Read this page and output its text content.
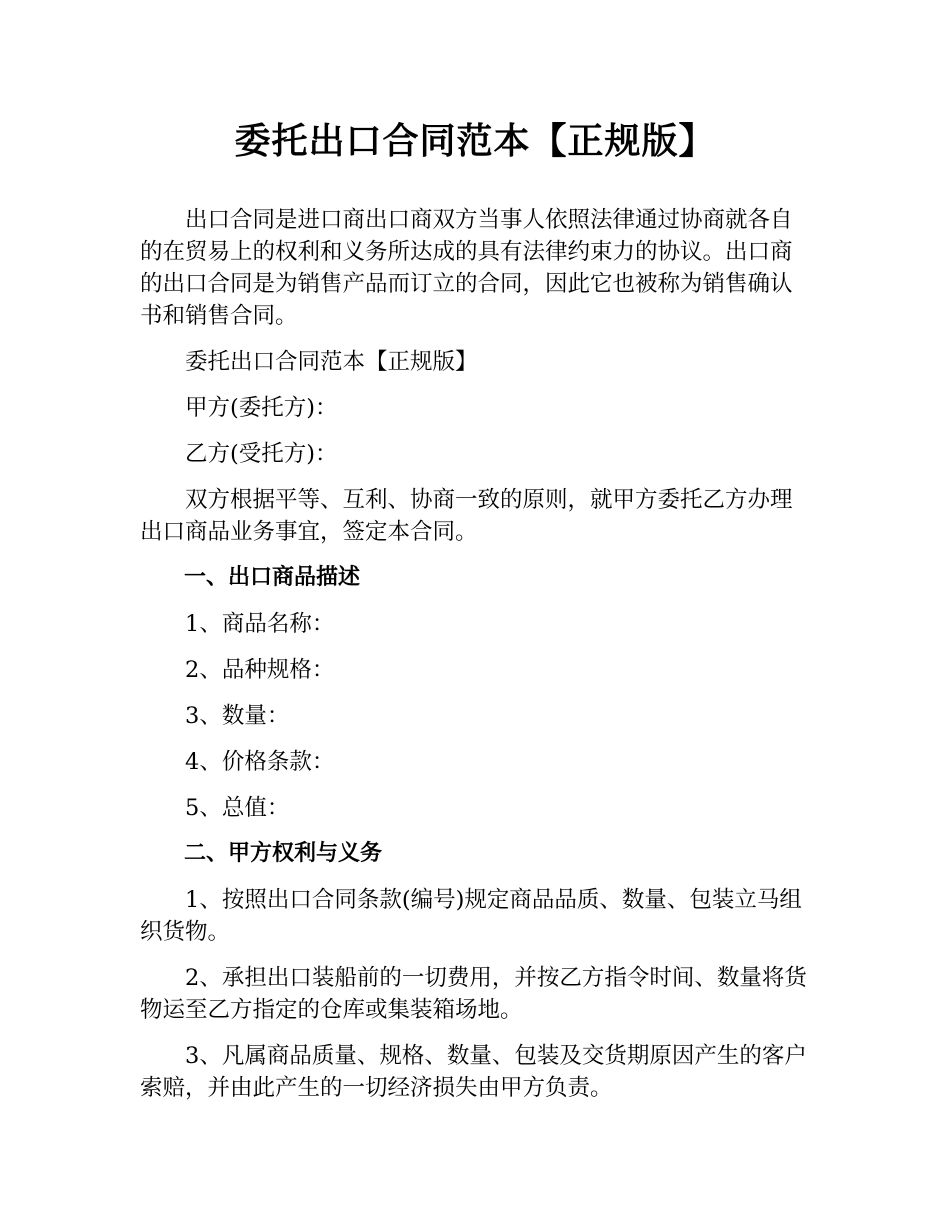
委托出口合同范本【正规版】

出口合同是进口商出口商双方当事人依照法律通过协商就各自的在贸易上的权利和义务所达成的具有法律约束力的协议。出口商的出口合同是为销售产品而订立的合同，因此它也被称为销售确认书和销售合同。

委托出口合同范本【正规版】

甲方(委托方)：

乙方(受托方)：

双方根据平等、互利、协商一致的原则，就甲方委托乙方办理出口商品业务事宜，签定本合同。

一、出口商品描述

1、商品名称：

2、品种规格：

3、数量：

4、价格条款：

5、总值：

二、甲方权利与义务

1、按照出口合同条款(编号)规定商品品质、数量、包装立马组织货物。

2、承担出口装船前的一切费用，并按乙方指令时间、数量将货物运至乙方指定的仓库或集装箱场地。

3、凡属商品质量、规格、数量、包装及交货期原因产生的客户索赔，并由此产生的一切经济损失由甲方负责。
